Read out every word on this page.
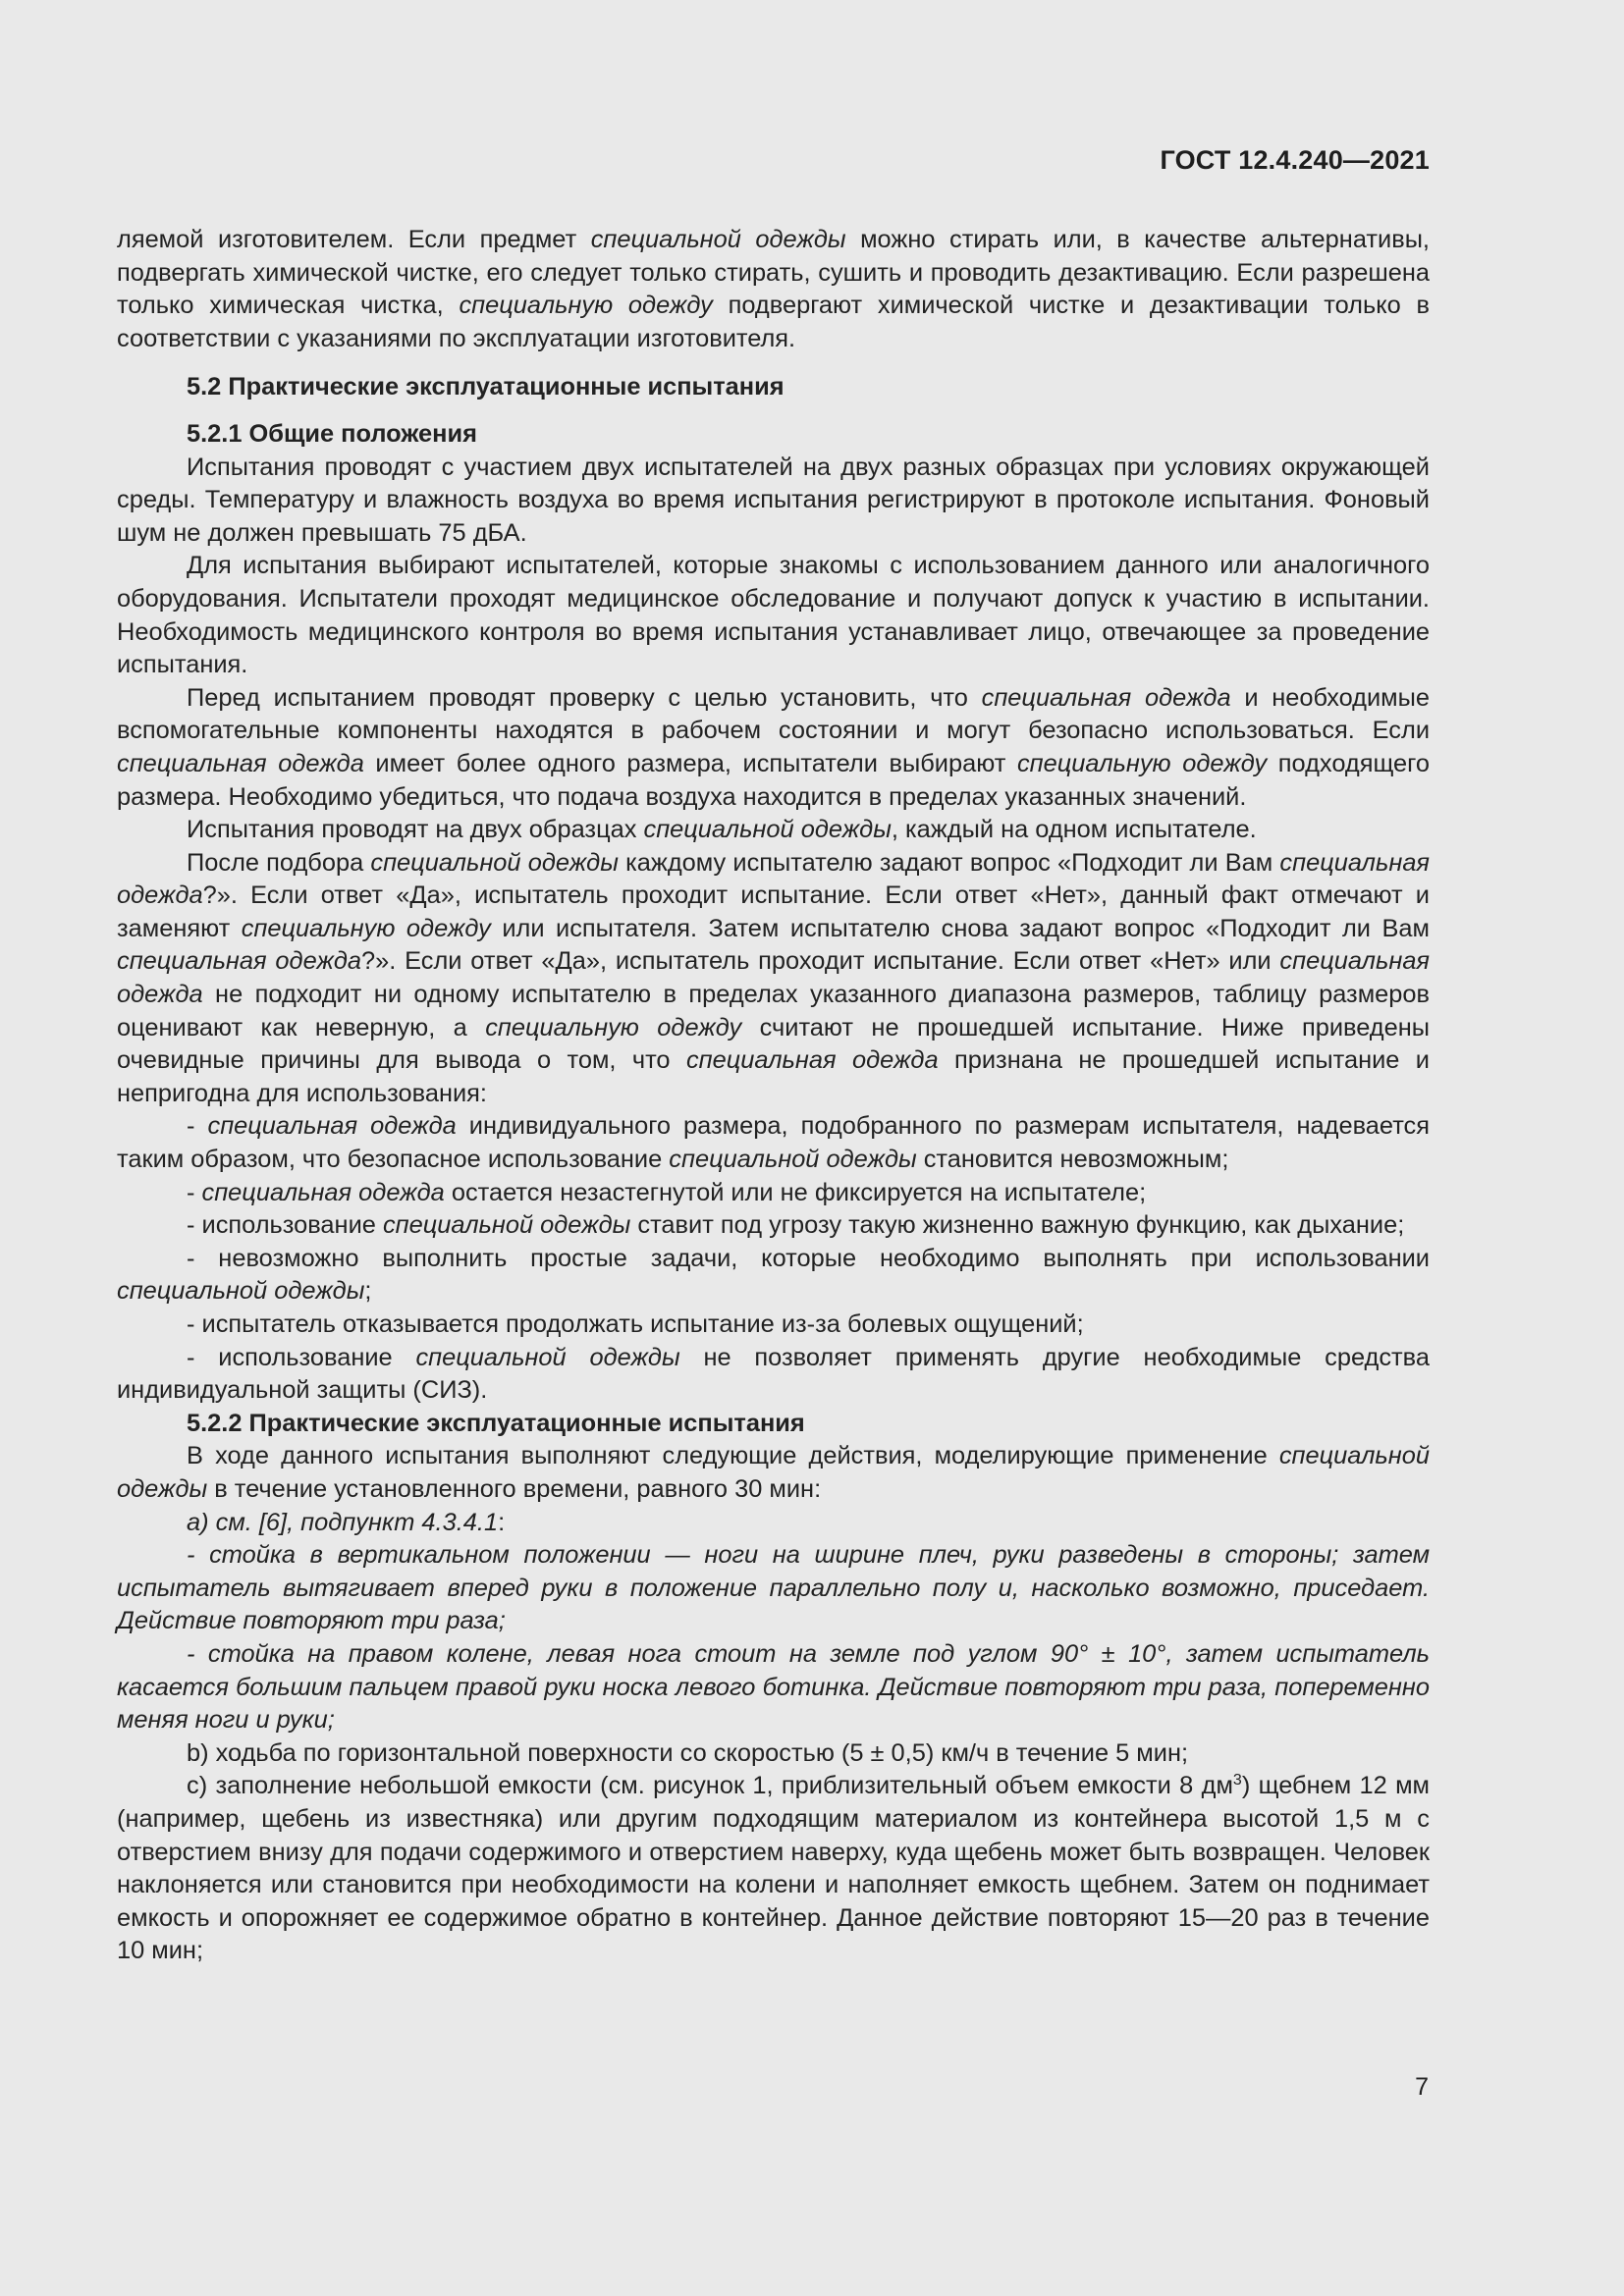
ГОСТ 12.4.240—2021

ляемой изготовителем. Если предмет специальной одежды можно стирать или, в качестве альтернативы, подвергать химической чистке, его следует только стирать, сушить и проводить дезактивацию. Если разрешена только химическая чистка, специальную одежду подвергают химической чистке и дезактивации только в соответствии с указаниями по эксплуатации изготовителя.

5.2 Практические эксплуатационные испытания

5.2.1 Общие положения

Испытания проводят с участием двух испытателей на двух разных образцах при условиях окружающей среды. Температуру и влажность воздуха во время испытания регистрируют в протоколе испытания. Фоновый шум не должен превышать 75 дБА.

Для испытания выбирают испытателей, которые знакомы с использованием данного или аналогичного оборудования. Испытатели проходят медицинское обследование и получают допуск к участию в испытании. Необходимость медицинского контроля во время испытания устанавливает лицо, отвечающее за проведение испытания.

Перед испытанием проводят проверку с целью установить, что специальная одежда и необходимые вспомогательные компоненты находятся в рабочем состоянии и могут безопасно использоваться. Если специальная одежда имеет более одного размера, испытатели выбирают специальную одежду подходящего размера. Необходимо убедиться, что подача воздуха находится в пределах указанных значений.

Испытания проводят на двух образцах специальной одежды, каждый на одном испытателе.

После подбора специальной одежды каждому испытателю задают вопрос «Подходит ли Вам специальная одежда?». Если ответ «Да», испытатель проходит испытание. Если ответ «Нет», данный факт отмечают и заменяют специальную одежду или испытателя. Затем испытателю снова задают вопрос «Подходит ли Вам специальная одежда?». Если ответ «Да», испытатель проходит испытание. Если ответ «Нет» или специальная одежда не подходит ни одному испытателю в пределах указанного диапазона размеров, таблицу размеров оценивают как неверную, а специальную одежду считают не прошедшей испытание. Ниже приведены очевидные причины для вывода о том, что специальная одежда признана не прошедшей испытание и непригодна для использования:

- специальная одежда индивидуального размера, подобранного по размерам испытателя, надевается таким образом, что безопасное использование специальной одежды становится невозможным;

- специальная одежда остается незастегнутой или не фиксируется на испытателе;

- использование специальной одежды ставит под угрозу такую жизненно важную функцию, как дыхание;

- невозможно выполнить простые задачи, которые необходимо выполнять при использовании специальной одежды;

- испытатель отказывается продолжать испытание из-за болевых ощущений;

- использование специальной одежды не позволяет применять другие необходимые средства индивидуальной защиты (СИЗ).

5.2.2 Практические эксплуатационные испытания

В ходе данного испытания выполняют следующие действия, моделирующие применение специальной одежды в течение установленного времени, равного 30 мин:

a) см. [6], подпункт 4.3.4.1:

- стойка в вертикальном положении — ноги на ширине плеч, руки разведены в стороны; затем испытатель вытягивает вперед руки в положение параллельно полу и, насколько возможно, приседает. Действие повторяют три раза;

- стойка на правом колене, левая нога стоит на земле под углом 90° ± 10°, затем испытатель касается большим пальцем правой руки носка левого ботинка. Действие повторяют три раза, попеременно меняя ноги и руки;

b) ходьба по горизонтальной поверхности со скоростью (5 ± 0,5) км/ч в течение 5 мин;

c) заполнение небольшой емкости (см. рисунок 1, приблизительный объем емкости 8 $дм^3$) щебнем 12 мм (например, щебень из известняка) или другим подходящим материалом из контейнера высотой 1,5 м с отверстием внизу для подачи содержимого и отверстием наверху, куда щебень может быть возвращен. Человек наклоняется или становится при необходимости на колени и наполняет емкость щебнем. Затем он поднимает емкость и опорожняет ее содержимое обратно в контейнер. Данное действие повторяют 15—20 раз в течение 10 мин;

7
